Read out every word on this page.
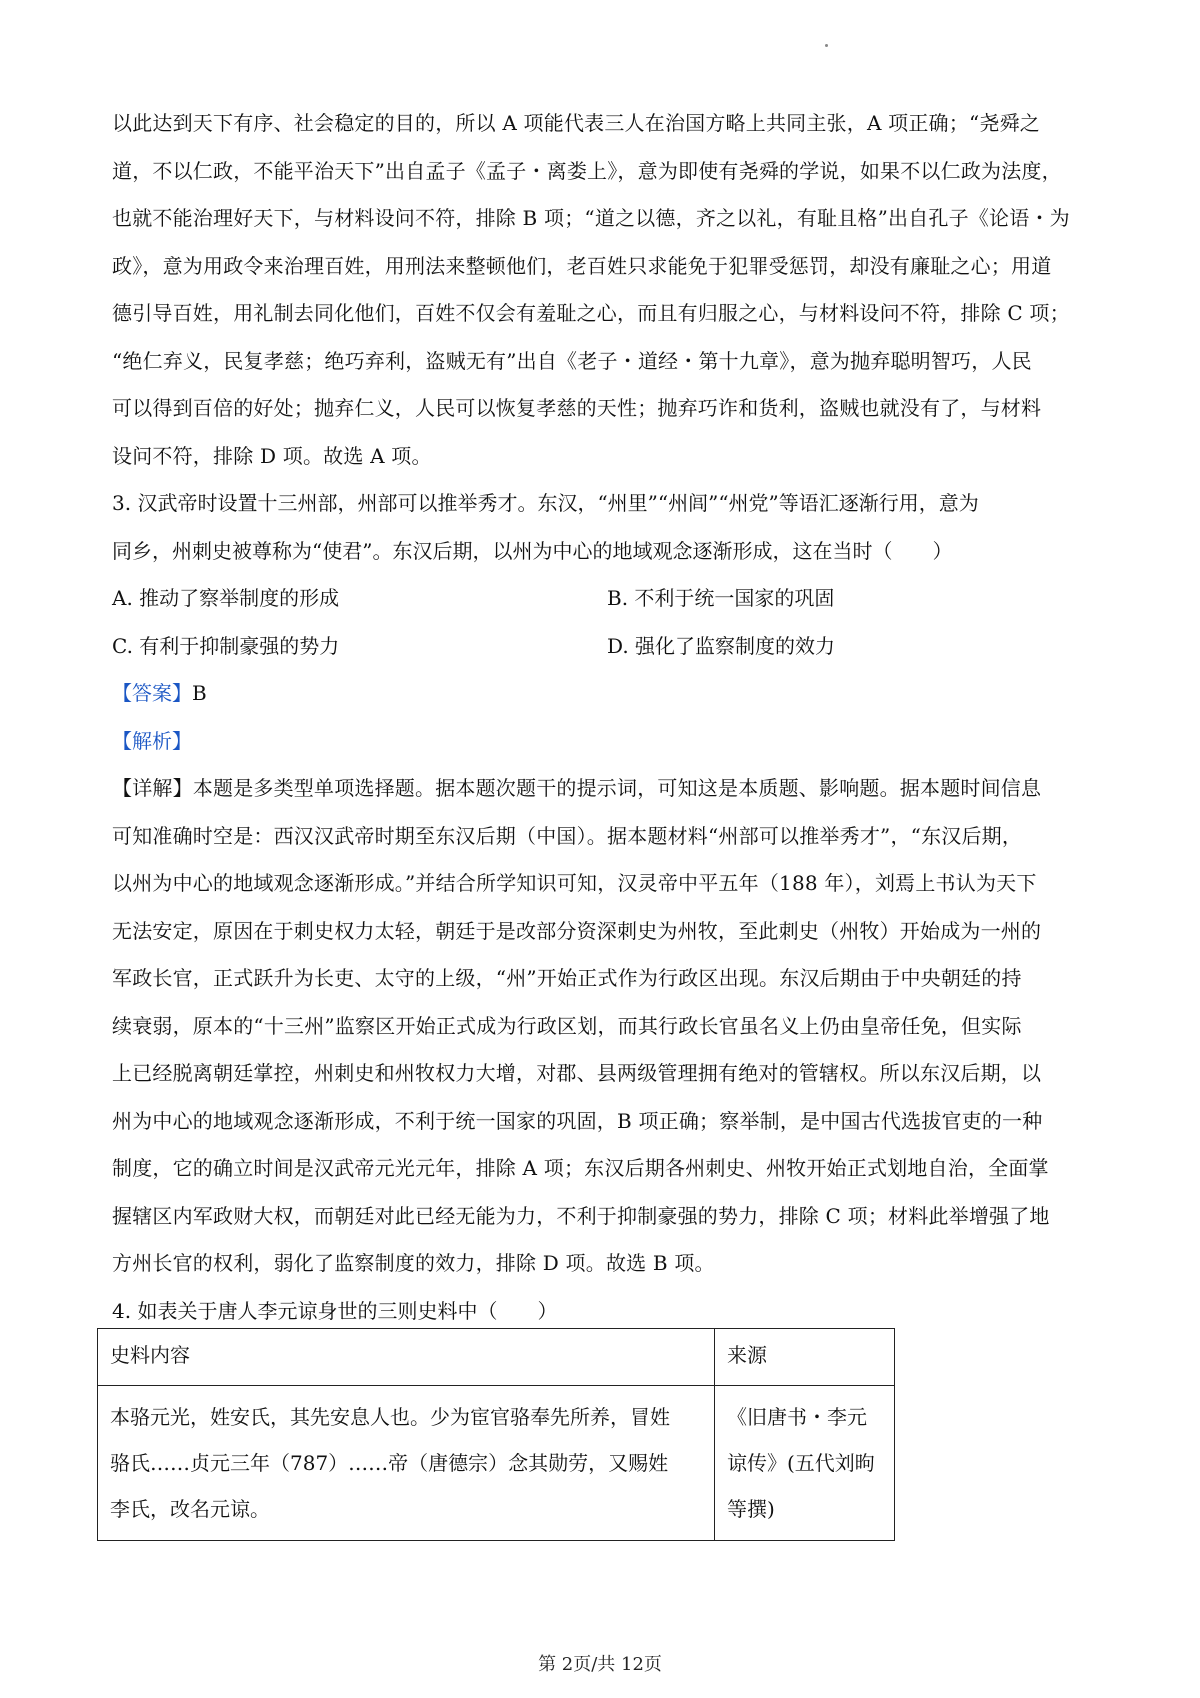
以此达到天下有序、社会稳定的目的，所以 A 项能代表三人在治国方略上共同主张，A 项正确；“尧舜之
道，不以仁政，不能平治天下”出自孟子《孟子・离娄上》，意为即使有尧舜的学说，如果不以仁政为法度，
也就不能治理好天下，与材料设问不符，排除 B 项；“道之以德，齐之以礼，有耻且格”出自孔子《论语・为
政》，意为用政令来治理百姓，用刑法来整顿他们，老百姓只求能免于犯罪受惩罚，却没有廉耻之心；用道
德引导百姓，用礼制去同化他们，百姓不仅会有羞耻之心，而且有归服之心，与材料设问不符，排除 C 项；
“绝仁弃义，民复孝慈；绝巧弃利，盗贼无有”出自《老子・道经・第十九章》，意为抛弃聪明智巧，人民
可以得到百倍的好处；抛弃仁义，人民可以恢复孝慈的天性；抛弃巧诈和货利，盗贼也就没有了，与材料
设问不符，排除 D 项。故选 A 项。
3. 汉武帝时设置十三州部，州部可以推举秀才。东汉，“州里”“州闾”“州党”等语汇逐渐行用，意为
同乡，州刺史被尊称为“使君”。东汉后期，以州为中心的地域观念逐渐形成，这在当时（　　）
A. 推动了察举制度的形成	B. 不利于统一国家的巩固
C. 有利于抑制豪强的势力	D. 强化了监察制度的效力
【答案】B
【解析】
【详解】本题是多类型单项选择题。据本题次题干的提示词，可知这是本质题、影响题。据本题时间信息
可知准确时空是：西汉汉武帝时期至东汉后期（中国）。据本题材料“州部可以推举秀才”，“东汉后期，
以州为中心的地域观念逐渐形成。”并结合所学知识可知，汉灵帝中平五年（188 年），刘焉上书认为天下
无法安定，原因在于刺史权力太轻，朝廷于是改部分资深刺史为州牧，至此刺史（州牧）开始成为一州的
军政长官，正式跃升为长吏、太守的上级，“州”开始正式作为行政区出现。东汉后期由于中央朝廷的持
续衰弱，原本的“十三州”监察区开始正式成为行政区划，而其行政长官虽名义上仍由皇帝任免，但实际
上已经脱离朝廷掌控，州刺史和州牧权力大增，对郡、县两级管理拥有绝对的管辖权。所以东汉后期，以
州为中心的地域观念逐渐形成，不利于统一国家的巩固，B 项正确；察举制，是中国古代选拔官吏的一种
制度，它的确立时间是汉武帝元光元年，排除 A 项；东汉后期各州刺史、州牧开始正式划地自治，全面掌
握辖区内军政财大权，而朝廷对此已经无能为力，不利于抑制豪强的势力，排除 C 项；材料此举增强了地
方州长官的权利，弱化了监察制度的效力，排除 D 项。故选 B 项。
4. 如表关于唐人李元谅身世的三则史料中（　　）
史料内容	来源

本骆元光，姓安氏，其先安息人也。少为宦官骆奉先所养，冒姓
骆氏……贞元三年（787）……帝（唐德宗）念其勋劳，又赐姓
李氏，改名元谅。	《旧唐书・李元
谅传》(五代刘昫
等撰)
第 2页/共 12页
